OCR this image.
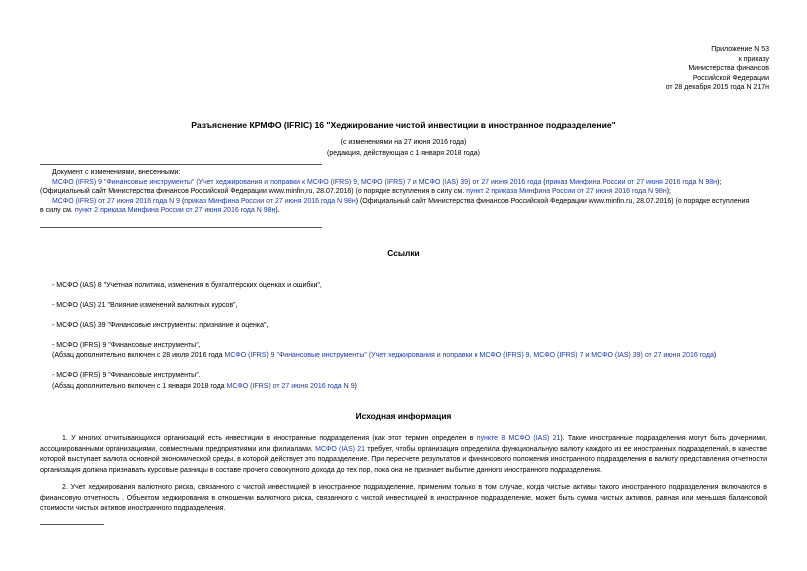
Приложение N 53
к приказу
Министерства финансов
Российской Федерации
от 28 декабря 2015 года N 217н
Разъяснение КРМФО (IFRIC) 16 "Хеджирование чистой инвестиции в иностранное подразделение"
(с изменениями на 27 июня 2016 года)
(редакция, действующая с 1 января 2018 года)
Документ с изменениями, внесенными:
МСФО (IFRS) 9 "Финансовые инструменты" (Учет хеджирования и поправки к МСФО (IFRS) 9, МСФО (IFRS) 7 и МСФО (IAS) 39) от 27 июня 2016 года (приказ Минфина России от 27 июня 2016 года N 98н);
(Официальный сайт Министерства финансов Российской Федерации www.minfin.ru, 28.07.2016) (о порядке вступления в силу см. пункт 2 приказа Минфина России от 27 июня 2016 года N 98н);
МСФО (IFRS) от 27 июня 2016 года N 9 (приказ Минфина России от 27 июня 2016 года N 98н) (Официальный сайт Министерства финансов Российской Федерации www.minfin.ru, 28.07.2016) (о порядке вступления
в силу см. пункт 2 приказа Минфина России от 27 июня 2016 года N 98н).
Ссылки
- МСФО (IAS) 8 "Учетная политика, изменения в бухгалтерских оценках и ошибки",
- МСФО (IAS) 21 "Влияние изменений валютных курсов",
- МСФО (IAS) 39 "Финансовые инструменты: признание и оценка",
- МСФО (IFRS) 9 "Финансовые инструменты",
(Абзац дополнительно включен с 28 июля 2016 года МСФО (IFRS) 9 "Финансовые инструменты" (Учет хеджирования и поправки к МСФО (IFRS) 9, МСФО (IFRS) 7 и МСФО (IAS) 39) от 27 июня 2016 года)
- МСФО (IFRS) 9 "Финансовые инструменты".
(Абзац дополнительно включен с 1 января 2018 года МСФО (IFRS) от 27 июня 2016 года N 9)
Исходная информация
1. У многих отчитывающихся организаций есть инвестиции в иностранные подразделения (как этот термин определен в пункте 8 МСФО (IAS) 21). Такие иностранные подразделения могут быть дочерними, ассоциированными организациями, совместными предприятиями или филиалами. МСФО (IAS) 21 требует, чтобы организация определила функциональную валюту каждого из ее иностранных подразделений, в качестве которой выступает валюта основной экономической среды, в которой действует это подразделение. При пересчете результатов и финансового положения иностранного подразделения в валюту представления отчетности организация должна признавать курсовые разницы в составе прочего совокупного дохода до тех пор, пока она не признает выбытие данного иностранного подразделения.
2. Учет хеджирования валютного риска, связанного с чистой инвестицией в иностранное подразделение, применим только в том случае, когда чистые активы такого иностранного подразделения включаются в финансовую отчетность . Объектом хеджирования в отношении валютного риска, связанного с чистой инвестицией в иностранное подразделение, может быть сумма чистых активов, равная или меньшая балансовой стоимости чистых активов иностранного подразделения.
